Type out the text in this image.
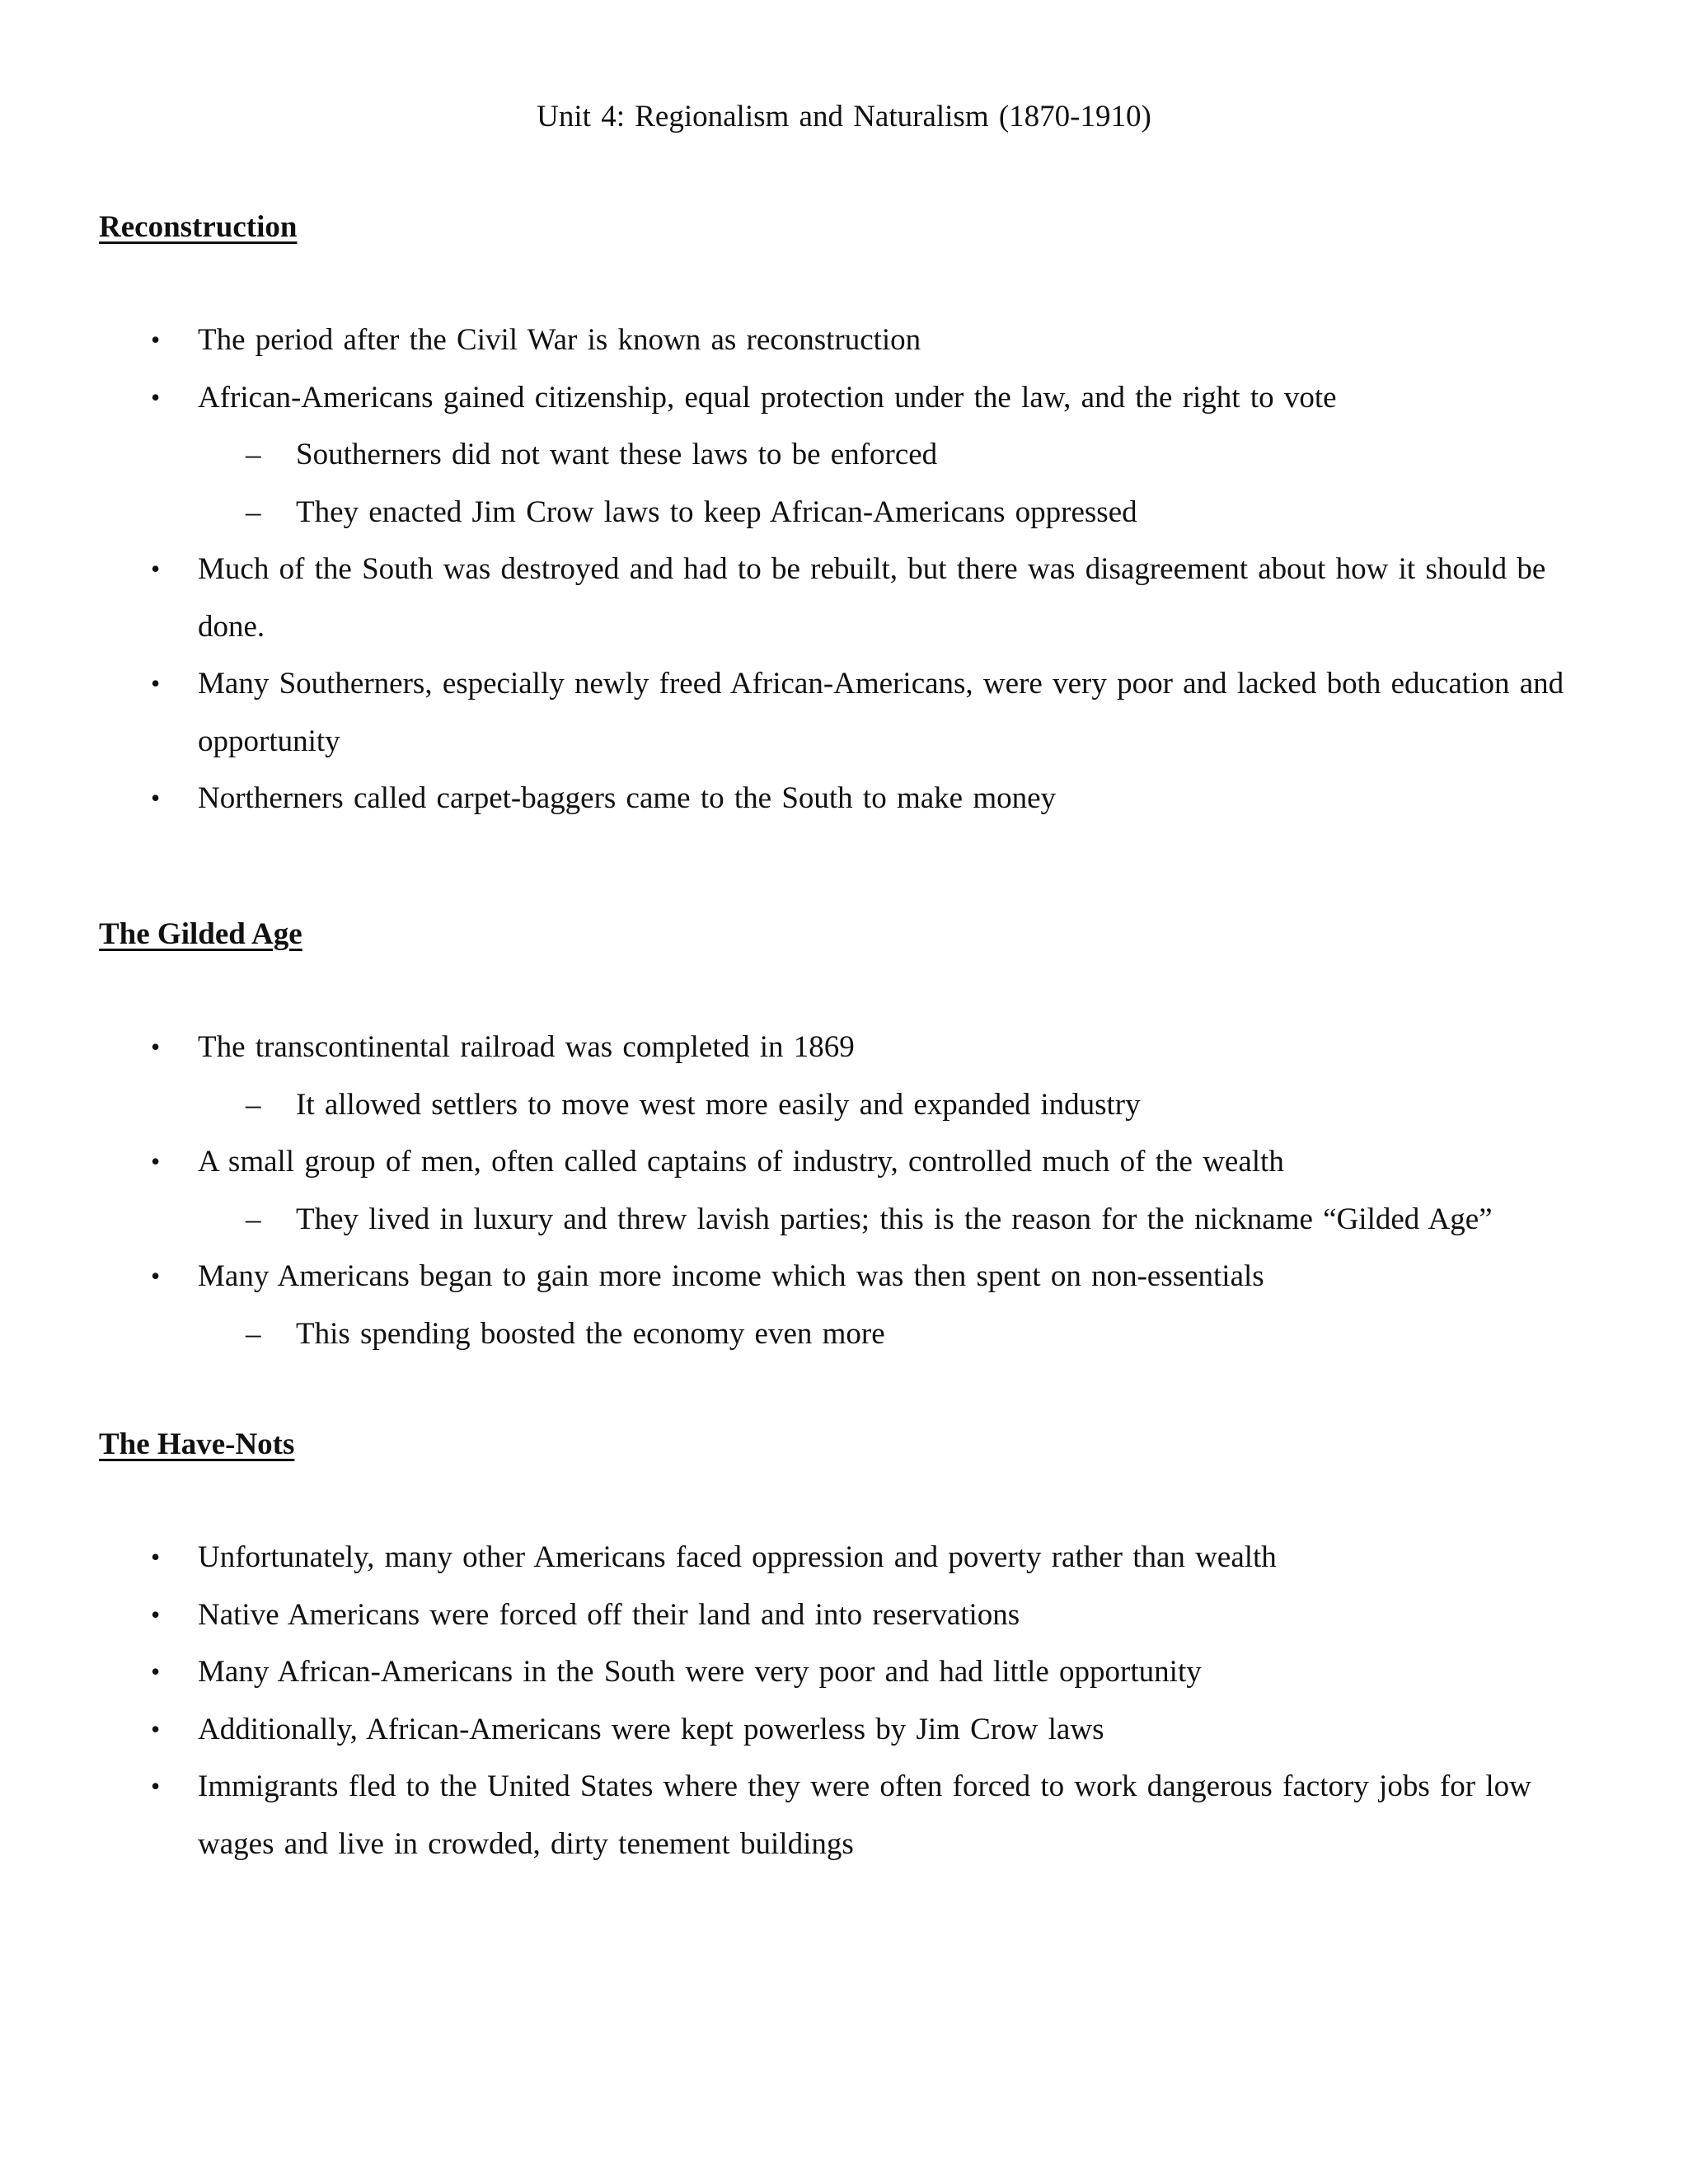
Unit 4: Regionalism and Naturalism (1870-1910)
Reconstruction
• The period after the Civil War is known as reconstruction
• African-Americans gained citizenship, equal protection under the law, and the right to vote
– Southerners did not want these laws to be enforced
– They enacted Jim Crow laws to keep African-Americans oppressed
• Much of the South was destroyed and had to be rebuilt, but there was disagreement about how it should be done.
• Many Southerners, especially newly freed African-Americans, were very poor and lacked both education and opportunity
• Northerners called carpet-baggers came to the South to make money
The Gilded Age
• The transcontinental railroad was completed in 1869
– It allowed settlers to move west more easily and expanded industry
• A small group of men, often called captains of industry, controlled much of the wealth
– They lived in luxury and threw lavish parties; this is the reason for the nickname “Gilded Age”
• Many Americans began to gain more income which was then spent on non-essentials
– This spending boosted the economy even more
The Have-Nots
• Unfortunately, many other Americans faced oppression and poverty rather than wealth
• Native Americans were forced off their land and into reservations
• Many African-Americans in the South were very poor and had little opportunity
• Additionally, African-Americans were kept powerless by Jim Crow laws
• Immigrants fled to the United States where they were often forced to work dangerous factory jobs for low wages and live in crowded, dirty tenement buildings
